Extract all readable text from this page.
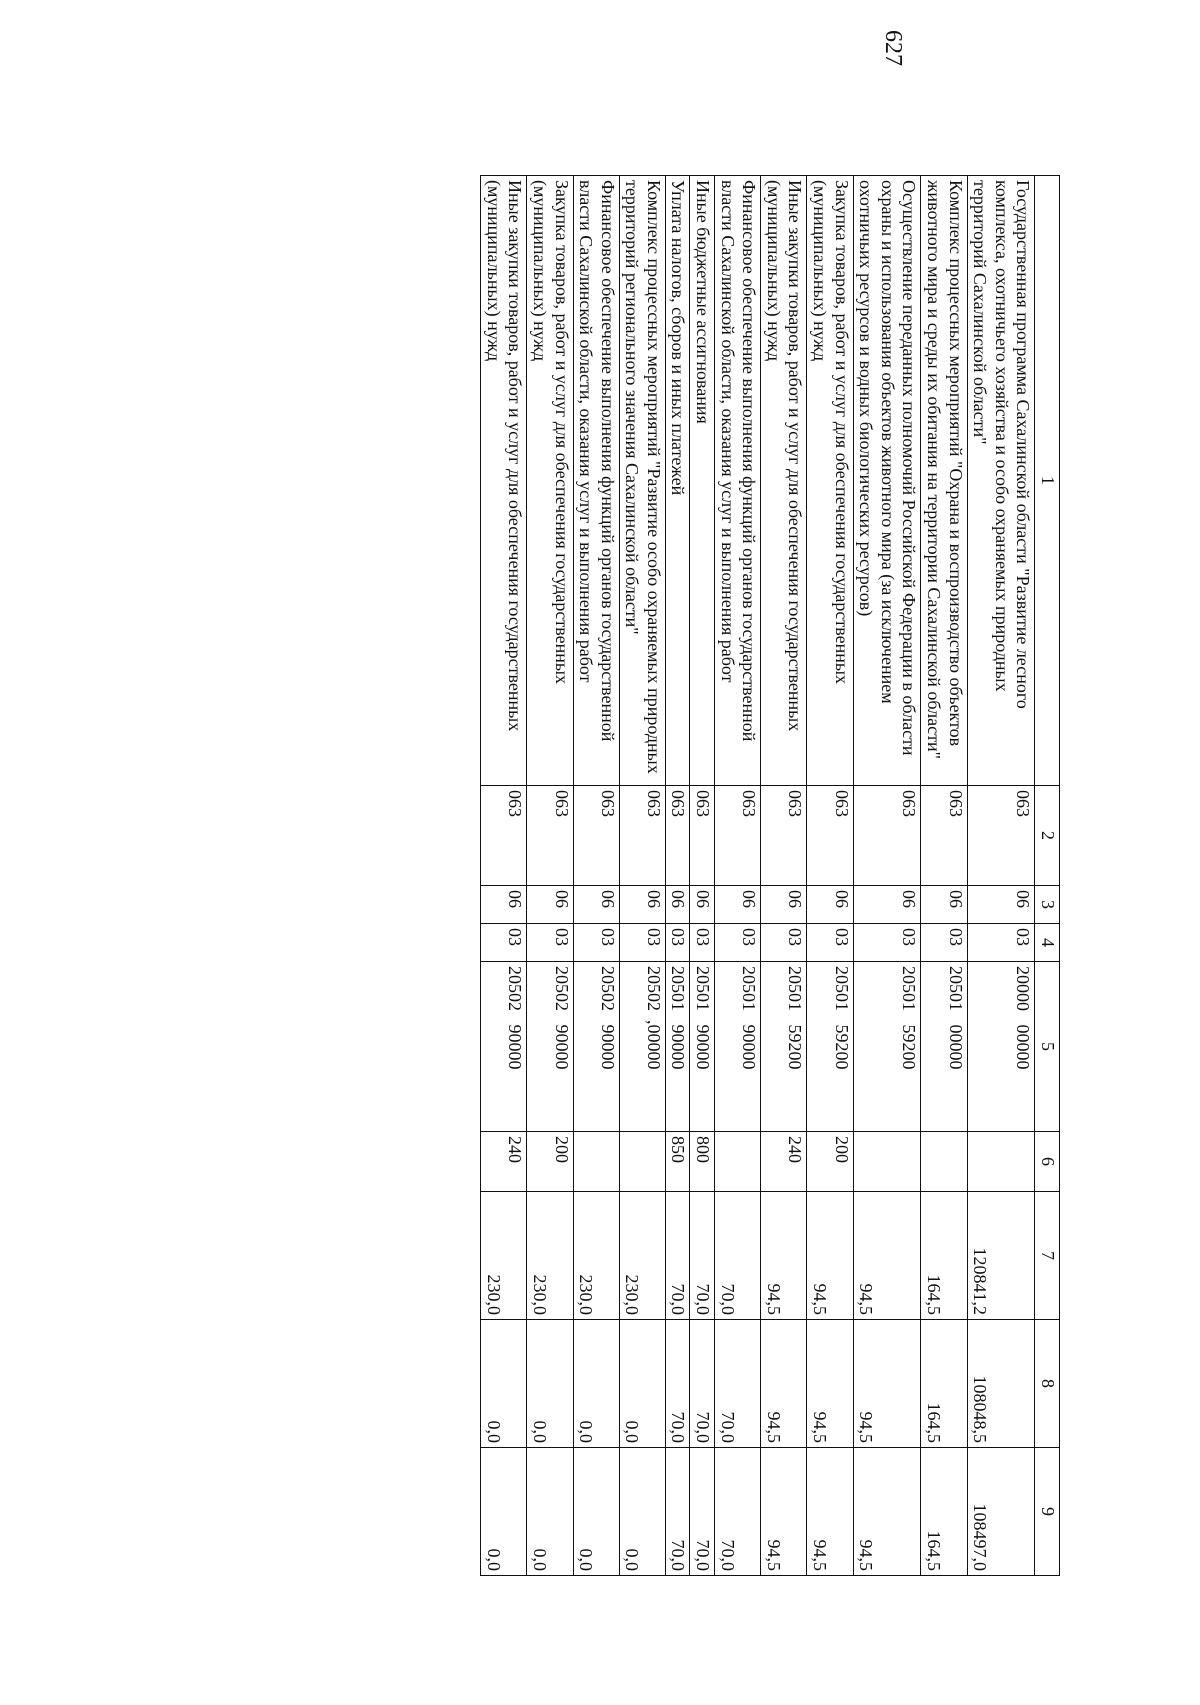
627
1	2	3	4	5	6	7	8	9
Государственная программа Сахалинской области "Развитие лесного комплекса, охотничьего хозяйства и особо охраняемых природных территорий Сахалинской области"	063	06	03	20000   00000		120841,2	108048,5	108497,0
Комплекс процессных мероприятий "Охрана и воспроизводство объектов животного мира и среды их обитания на территории Сахалинской области"	063	06	03	20501   00000		164,5	164,5	164,5
Осуществление переданных полномочий Российской Федерации в области охраны и использования объектов животного мира (за исключением охотничьих ресурсов и водных биологических ресурсов)	063	06	03	20501   59200		94,5	94,5	94,5
Закупка товаров, работ и услуг для обеспечения государственных (муниципальных) нужд	063	06	03	20501   59200	200	94,5	94,5	94,5
Иные закупки товаров, работ и услуг для обеспечения государственных (муниципальных) нужд	063	06	03	20501   59200	240	94,5	94,5	94,5
Финансовое обеспечение выполнения функций органов государственной власти Сахалинской области, оказания услуг и выполнения работ	063	06	03	20501   90000		70,0	70,0	70,0
Иные бюджетные ассигнования	063	06	03	20501   90000	800	70,0	70,0	70,0
Уплата налогов, сборов и иных платежей	063	06	03	20501   90000	850	70,0	70,0	70,0
Комплекс процессных мероприятий "Развитие особо охраняемых природных территорий регионального значения Сахалинской области"	063	06	03	20502  ,00000		230,0	0,0	0,0
Финансовое обеспечение выполнения функций органов государственной власти Сахалинской области, оказания услуг и выполнения работ	063	06	03	20502   90000		230,0	0,0	0,0
Закупка товаров, работ и услуг для обеспечения государственных (муниципальных) нужд	063	06	03	20502   90000	200	230,0	0,0	0,0
Иные закупки товаров, работ и услуг для обеспечения государственных (муниципальных) нужд	063	06	03	20502   90000	240	230,0	0,0	0,0
